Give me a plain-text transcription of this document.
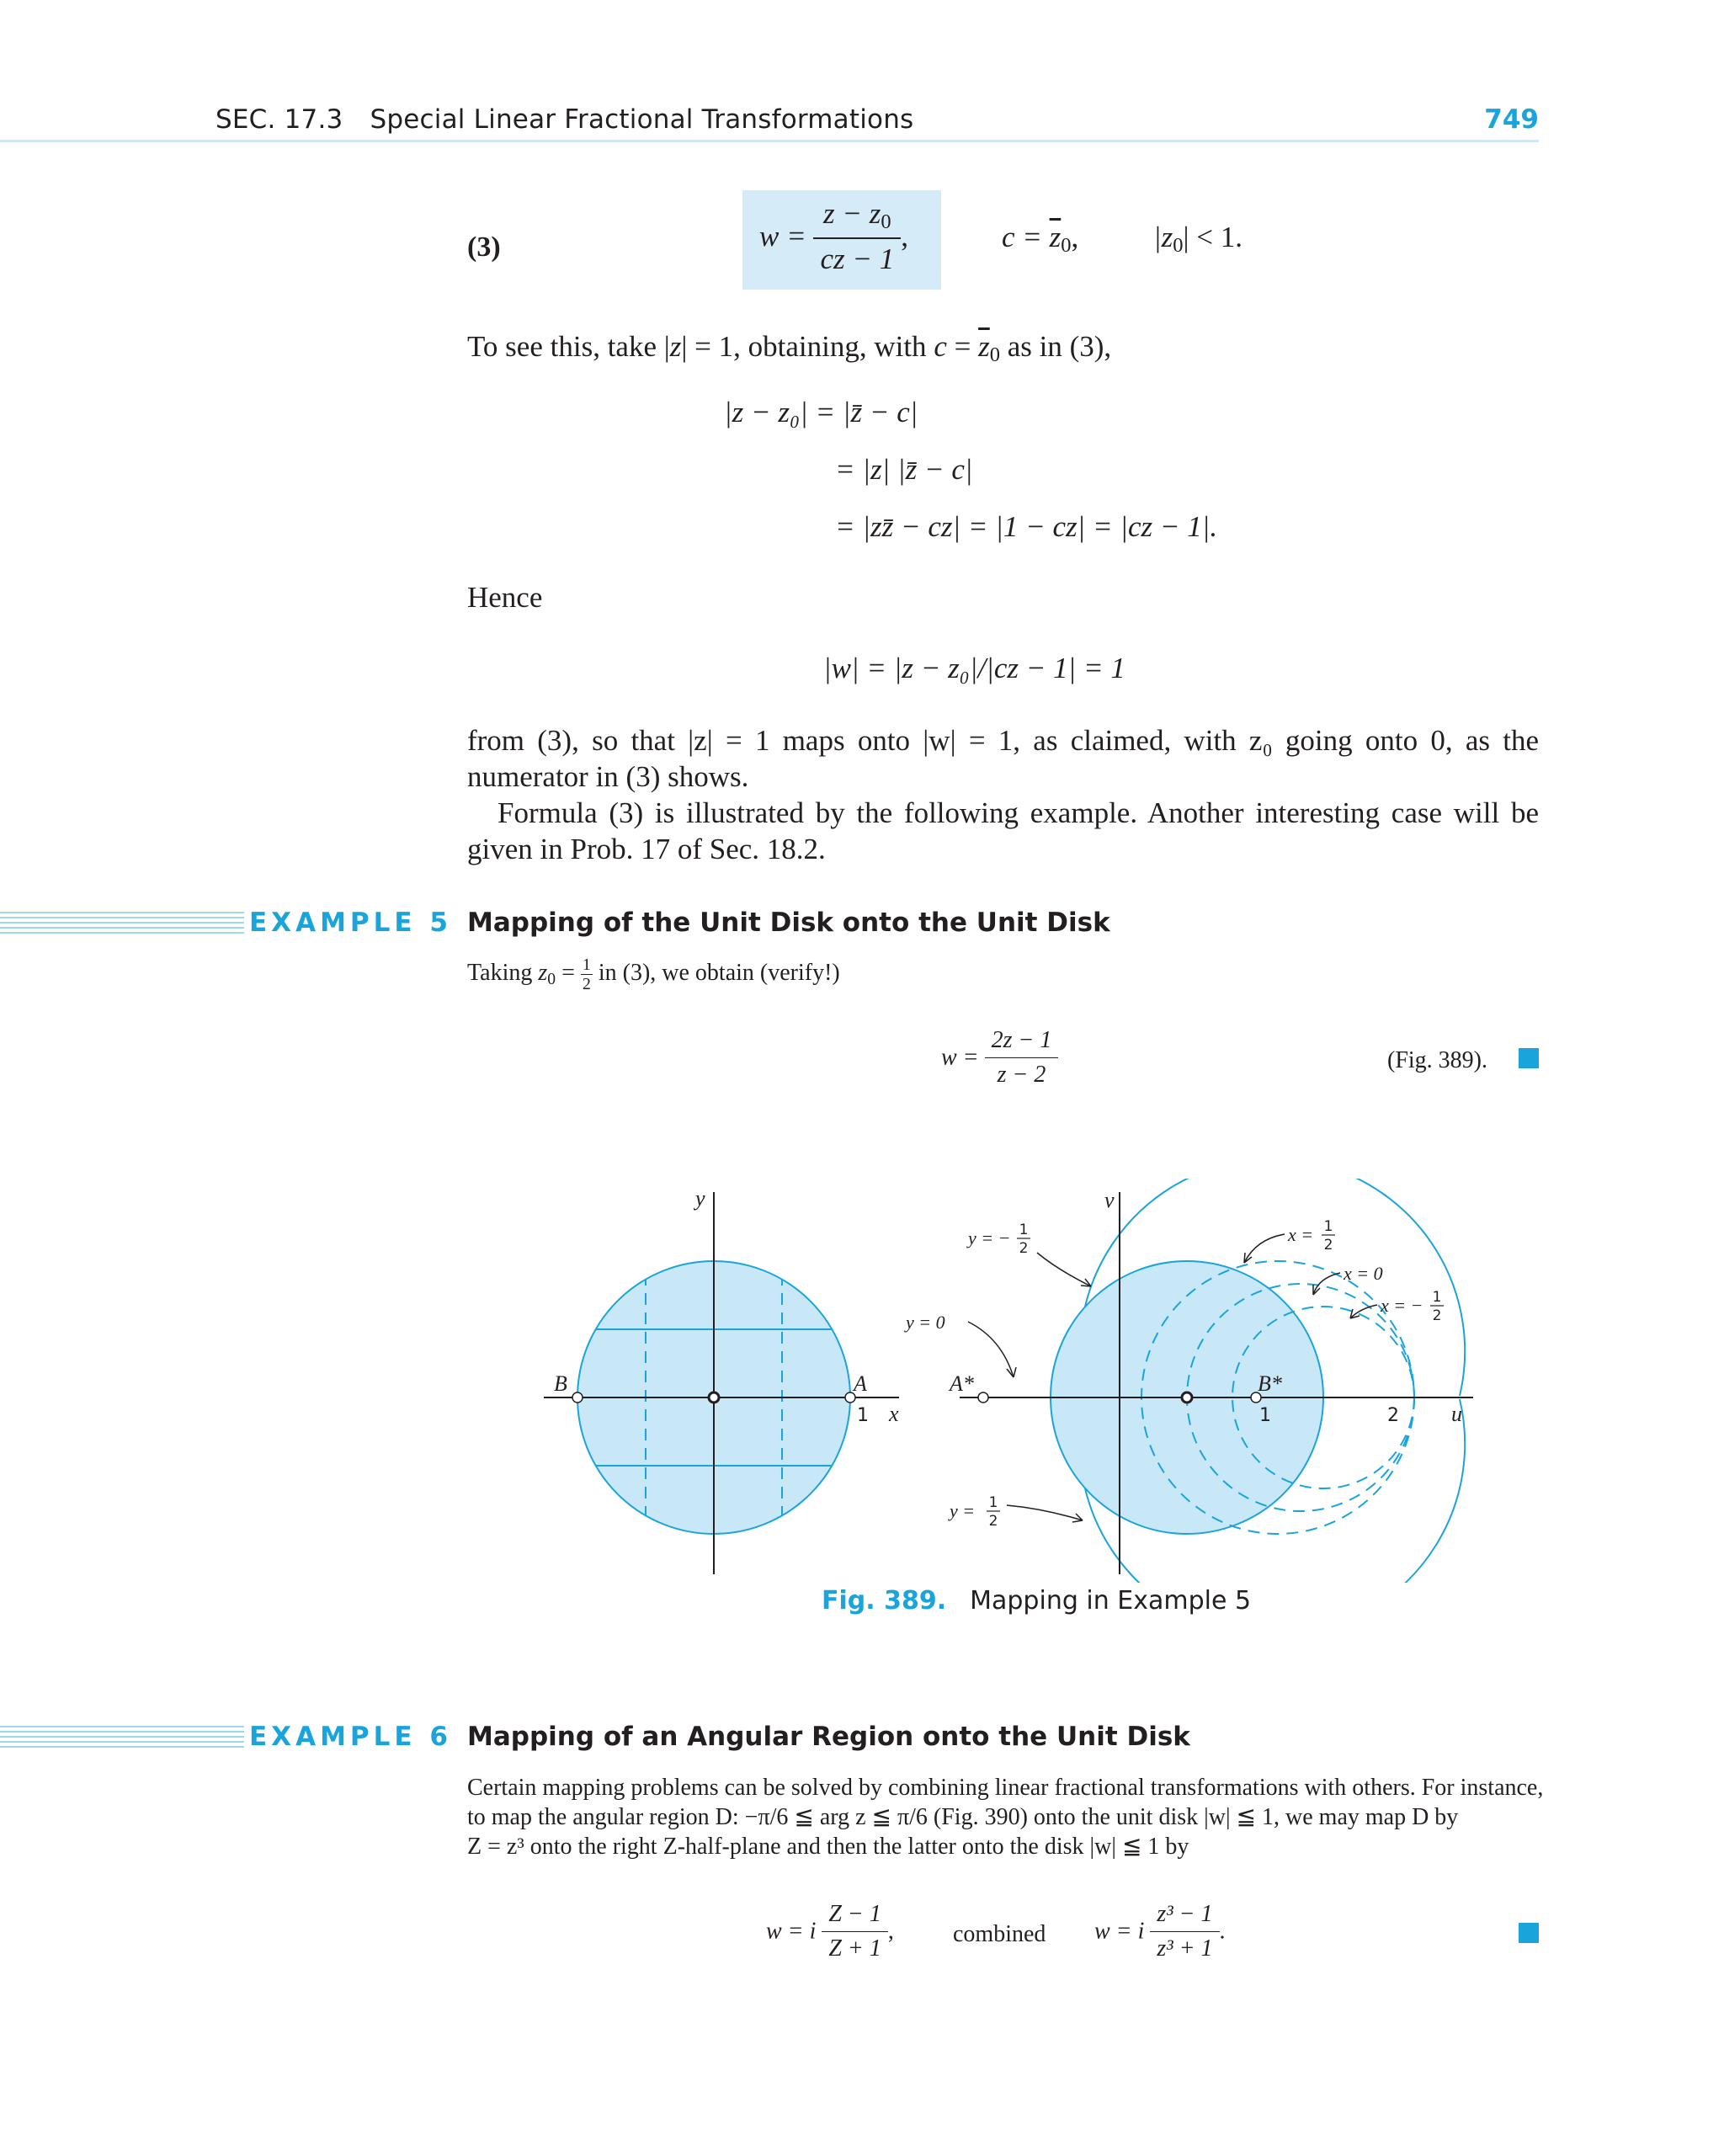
SEC. 17.3 Special Linear Fractional Transformations	749
(3)	$w = \frac{z - z_0}{cz - 1}$ ,	$c = \overline{z}_0$,	$|z_0| < 1$.
To see this, take |z| = 1, obtaining, with $c = \overline{z}_0$ as in (3),
|z − z₀| = |z̄ − c|
= |z| |z̄ − c|
= |zz̄ − cz| = |1 − cz| = |cz − 1|.
Hence
|w| = |z − z₀|/|cz − 1| = 1
from (3), so that |z| = 1 maps onto |w| = 1, as claimed, with z₀ going onto 0, as the numerator in (3) shows.
Formula (3) is illustrated by the following example. Another interesting case will be given in Prob. 17 of Sec. 18.2.
EXAMPLE 5 Mapping of the Unit Disk onto the Unit Disk
Taking $z_0 = \frac{1}{2}$ in (3), we obtain (verify!)
$w = \frac{2z - 1}{z - 2}$	(Fig. 389).
y
x
B	A
1
v
u
A*	B*
1	2
y = − 1
2
y = 0
y = 1
2
x = 1
2
x = 0
x = − 1
2
Fig. 389. Mapping in Example 5
EXAMPLE 6 Mapping of an Angular Region onto the Unit Disk
Certain mapping problems can be solved by combining linear fractional transformations with others. For instance,
to map the angular region D: −π/6 ≦ arg z ≦ π/6 (Fig. 390) onto the unit disk |w| ≦ 1, we may map D by
Z = z³ onto the right Z-half-plane and then the latter onto the disk |w| ≦ 1 by
w = i $\frac{Z - 1}{Z + 1}$ ,	combined w = i $\frac{\text{z³ − 1}}{\text{z³ + 1}}$ .
